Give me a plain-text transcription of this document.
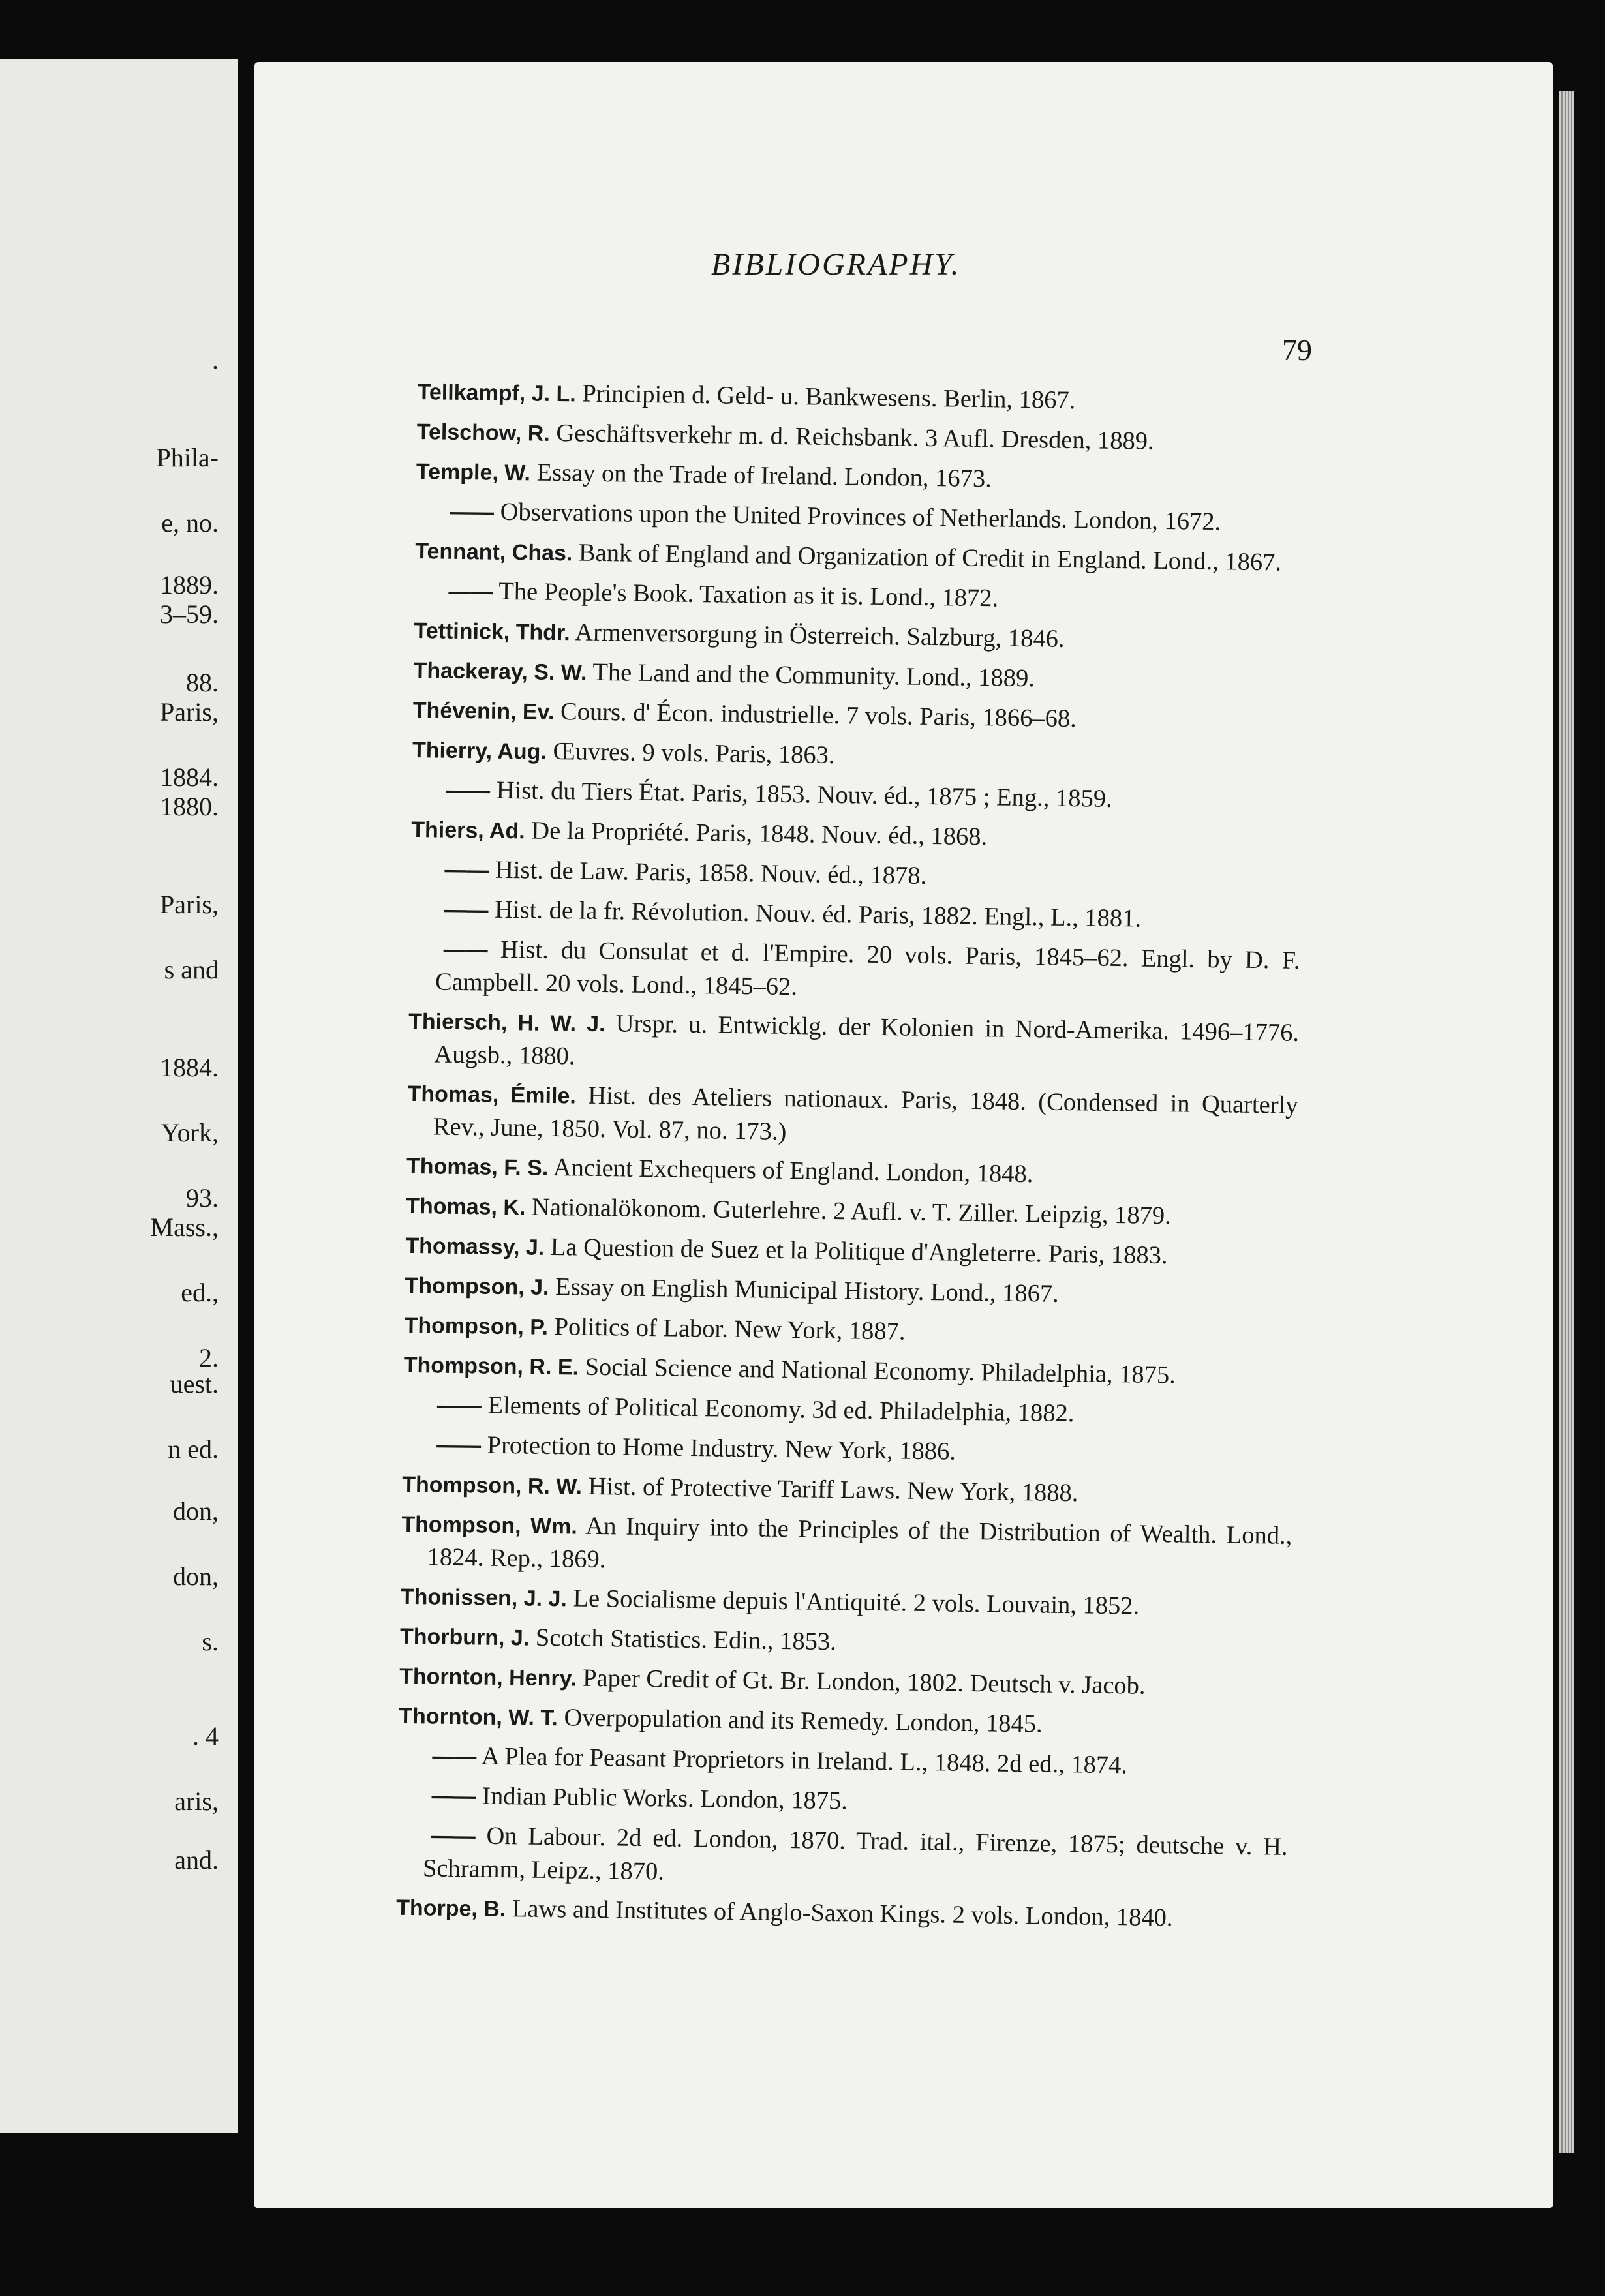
.
Phila-
e, no.
1889.
3–59.
88.
Paris,
1884.
1880.
Paris,
s and
1884.
York,
93.
Mass.,
ed.,
2.
uest.
n ed.
don,
don,
s.
. 4
aris,
and.
BIBLIOGRAPHY.
79
Tellkampf, J. L. Principien d. Geld- u. Bankwesens. Berlin, 1867.
Telschow, R. Geschäftsverkehr m. d. Reichsbank. 3 Aufl. Dresden, 1889.
Temple, W. Essay on the Trade of Ireland. London, 1673.
—— Observations upon the United Provinces of Netherlands. London, 1672.
Tennant, Chas. Bank of England and Organization of Credit in England. Lond., 1867.
—— The People's Book. Taxation as it is. Lond., 1872.
Tettinick, Thdr. Armenversorgung in Österreich. Salzburg, 1846.
Thackeray, S. W. The Land and the Community. Lond., 1889.
Thévenin, Ev. Cours. d' Écon. industrielle. 7 vols. Paris, 1866–68.
Thierry, Aug. Œuvres. 9 vols. Paris, 1863.
—— Hist. du Tiers État. Paris, 1853. Nouv. éd., 1875 ; Eng., 1859.
Thiers, Ad. De la Propriété. Paris, 1848. Nouv. éd., 1868.
—— Hist. de Law. Paris, 1858. Nouv. éd., 1878.
—— Hist. de la fr. Révolution. Nouv. éd. Paris, 1882. Engl., L., 1881.
—— Hist. du Consulat et d. l'Empire. 20 vols. Paris, 1845–62. Engl. by D. F. Campbell. 20 vols. Lond., 1845–62.
Thiersch, H. W. J. Urspr. u. Entwicklg. der Kolonien in Nord-Amerika. 1496–1776. Augsb., 1880.
Thomas, Émile. Hist. des Ateliers nationaux. Paris, 1848. (Condensed in Quarterly Rev., June, 1850. Vol. 87, no. 173.)
Thomas, F. S. Ancient Exchequers of England. London, 1848.
Thomas, K. Nationalökonom. Guterlehre. 2 Aufl. v. T. Ziller. Leipzig, 1879.
Thomassy, J. La Question de Suez et la Politique d'Angleterre. Paris, 1883.
Thompson, J. Essay on English Municipal History. Lond., 1867.
Thompson, P. Politics of Labor. New York, 1887.
Thompson, R. E. Social Science and National Economy. Philadelphia, 1875.
—— Elements of Political Economy. 3d ed. Philadelphia, 1882.
—— Protection to Home Industry. New York, 1886.
Thompson, R. W. Hist. of Protective Tariff Laws. New York, 1888.
Thompson, Wm. An Inquiry into the Principles of the Distribution of Wealth. Lond., 1824. Rep., 1869.
Thonissen, J. J. Le Socialisme depuis l'Antiquité. 2 vols. Louvain, 1852.
Thorburn, J. Scotch Statistics. Edin., 1853.
Thornton, Henry. Paper Credit of Gt. Br. London, 1802. Deutsch v. Jacob.
Thornton, W. T. Overpopulation and its Remedy. London, 1845.
—— A Plea for Peasant Proprietors in Ireland. L., 1848. 2d ed., 1874.
—— Indian Public Works. London, 1875.
—— On Labour. 2d ed. London, 1870. Trad. ital., Firenze, 1875; deutsche v. H. Schramm, Leipz., 1870.
Thorpe, B. Laws and Institutes of Anglo-Saxon Kings. 2 vols. London, 1840.
